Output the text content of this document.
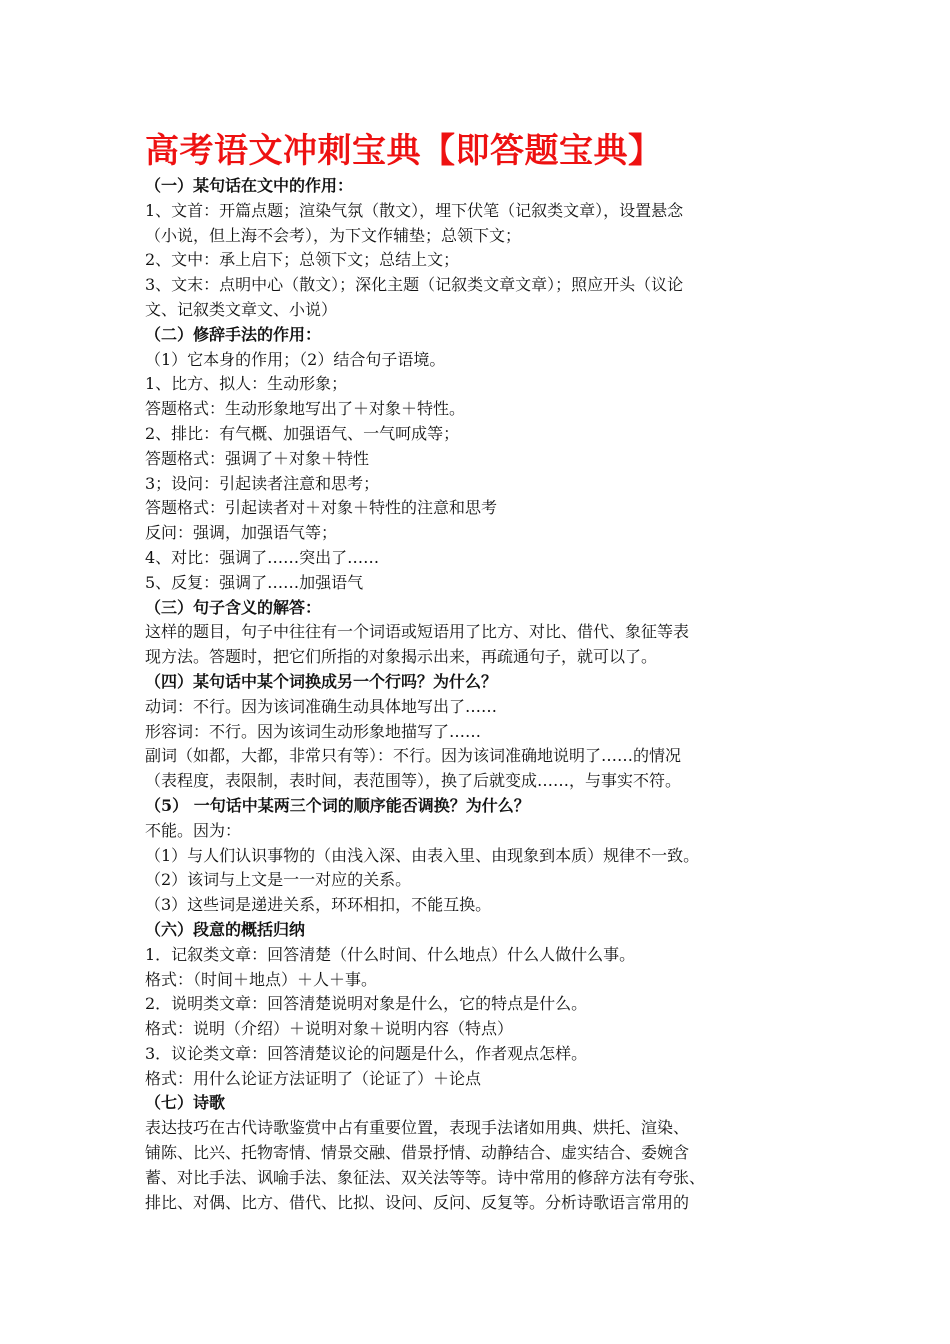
高考语文冲刺宝典【即答题宝典】
（一）某句话在文中的作用：
1、文首：开篇点题；渲染气氛（散文），埋下伏笔（记叙类文章），设置悬念
（小说，但上海不会考），为下文作辅垫；总领下文；
2、文中：承上启下；总领下文；总结上文；
3、文末：点明中心（散文）；深化主题（记叙类文章文章）；照应开头（议论
文、记叙类文章文、小说）
（二）修辞手法的作用：
（1）它本身的作用；（2）结合句子语境。
1、比方、拟人：生动形象；
答题格式：生动形象地写出了＋对象＋特性。
2、排比：有气概、加强语气、一气呵成等；
答题格式：强调了＋对象＋特性
3；设问：引起读者注意和思考；
答题格式：引起读者对＋对象＋特性的注意和思考
反问：强调，加强语气等；
4、对比：强调了……突出了……
5、反复：强调了……加强语气
（三）句子含义的解答：
这样的题目，句子中往往有一个词语或短语用了比方、对比、借代、象征等表
现方法。答题时，把它们所指的对象揭示出来，再疏通句子，就可以了。
（四）某句话中某个词换成另一个行吗？为什么？
动词：不行。因为该词准确生动具体地写出了……
形容词：不行。因为该词生动形象地描写了……
副词（如都，大都，非常只有等）：不行。因为该词准确地说明了……的情况
（表程度，表限制，表时间，表范围等），换了后就变成……，与事实不符。
（5） 一句话中某两三个词的顺序能否调换？为什么？
不能。因为：
（1）与人们认识事物的（由浅入深、由表入里、由现象到本质）规律不一致。
（2）该词与上文是一一对应的关系。
（3）这些词是递进关系，环环相扣，不能互换。
（六）段意的概括归纳
1．记叙类文章：回答清楚（什么时间、什么地点）什么人做什么事。
格式：（时间＋地点）＋人＋事。
2．说明类文章：回答清楚说明对象是什么，它的特点是什么。
格式：说明（介绍）＋说明对象＋说明内容（特点）
3．议论类文章：回答清楚议论的问题是什么，作者观点怎样。
格式：用什么论证方法证明了（论证了）＋论点
（七）诗歌
表达技巧在古代诗歌鉴赏中占有重要位置，表现手法诸如用典、烘托、渲染、
铺陈、比兴、托物寄情、情景交融、借景抒情、动静结合、虚实结合、委婉含
蓄、对比手法、讽喻手法、象征法、双关法等等。诗中常用的修辞方法有夸张、
排比、对偶、比方、借代、比拟、设问、反问、反复等。分析诗歌语言常用的
